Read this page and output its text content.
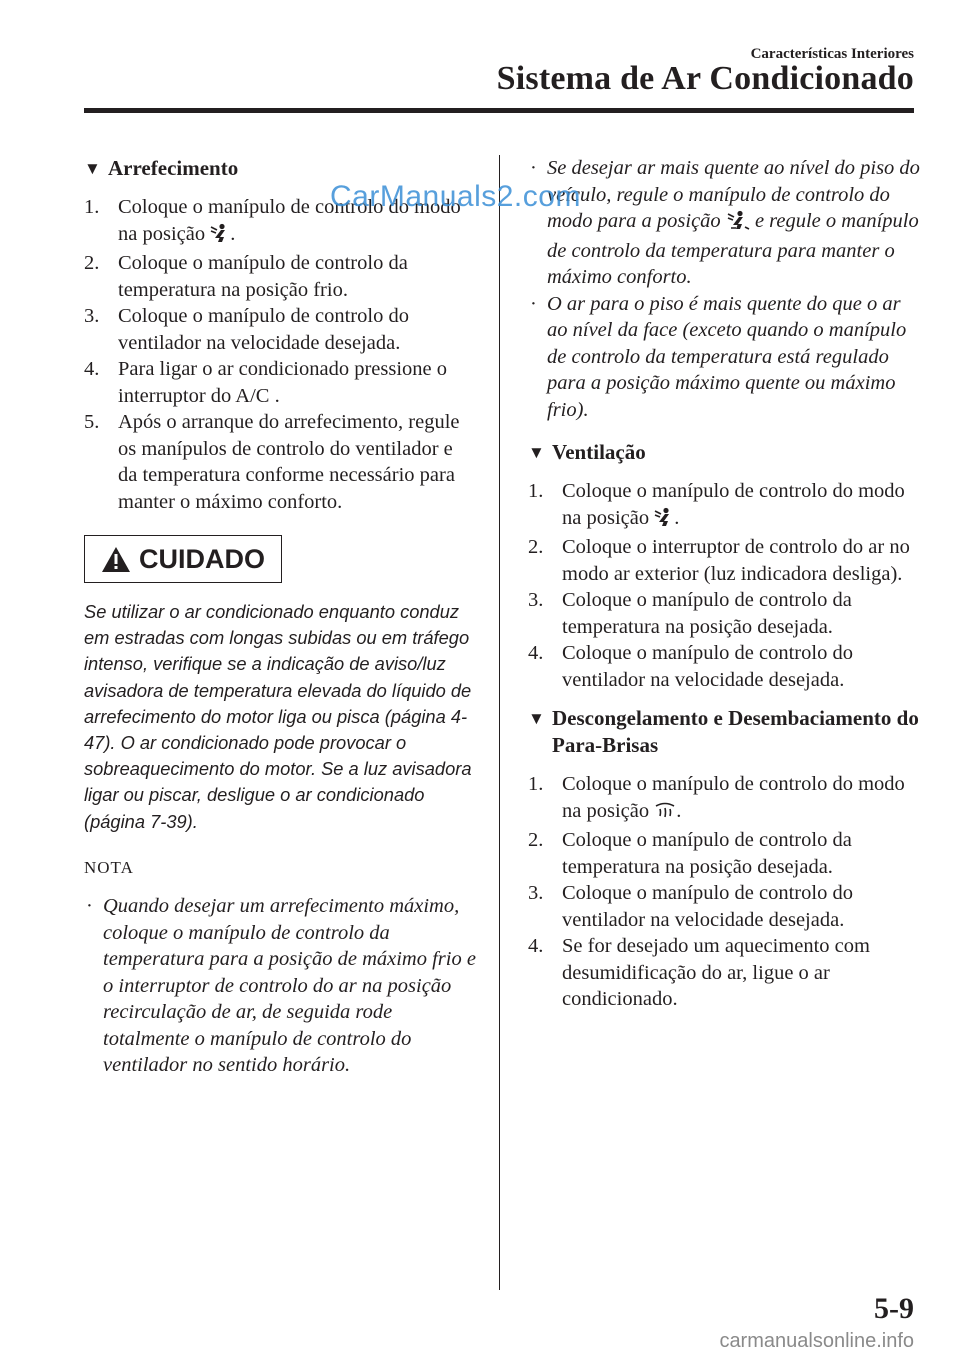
Características Interiores
Sistema de Ar Condicionado
▼ Arrefecimento
1. Coloque o manípulo de controlo do modo na posição .
2. Coloque o manípulo de controlo da temperatura na posição frio.
3. Coloque o manípulo de controlo do ventilador na velocidade desejada.
4. Para ligar o ar condicionado pressione o interruptor do A/C .
5. Após o arranque do arrefecimento, regule os manípulos de controlo do ventilador e da temperatura conforme necessário para manter o máximo conforto.
CUIDADO
Se utilizar o ar condicionado enquanto conduz em estradas com longas subidas ou em tráfego intenso, verifique se a indicação de aviso/luz avisadora de temperatura elevada do líquido de arrefecimento do motor liga ou pisca (página 4-47). O ar condicionado pode provocar o sobreaquecimento do motor. Se a luz avisadora ligar ou piscar, desligue o ar condicionado (página 7-39).
NOTA
· Quando desejar um arrefecimento máximo, coloque o manípulo de controlo da temperatura para a posição de máximo frio e o interruptor de controlo do ar na posição recirculação de ar, de seguida rode totalmente o manípulo de controlo do ventilador no sentido horário.
· Se desejar ar mais quente ao nível do piso do veículo, regule o manípulo de controlo do modo para a posição e regule o manípulo de controlo da temperatura para manter o máximo conforto.
· O ar para o piso é mais quente do que o ar ao nível da face (exceto quando o manípulo de controlo da temperatura está regulado para a posição máximo quente ou máximo frio).
▼ Ventilação
1. Coloque o manípulo de controlo do modo na posição .
2. Coloque o interruptor de controlo do ar no modo ar exterior (luz indicadora desliga).
3. Coloque o manípulo de controlo da temperatura na posição desejada.
4. Coloque o manípulo de controlo do ventilador na velocidade desejada.
▼ Descongelamento e Desembaciamento do Para-Brisas
1. Coloque o manípulo de controlo do modo na posição .
2. Coloque o manípulo de controlo da temperatura na posição desejada.
3. Coloque o manípulo de controlo do ventilador na velocidade desejada.
4. Se for desejado um aquecimento com desumidificação do ar, ligue o ar condicionado.
CarManuals2.com
5-9
carmanualsonline.info
